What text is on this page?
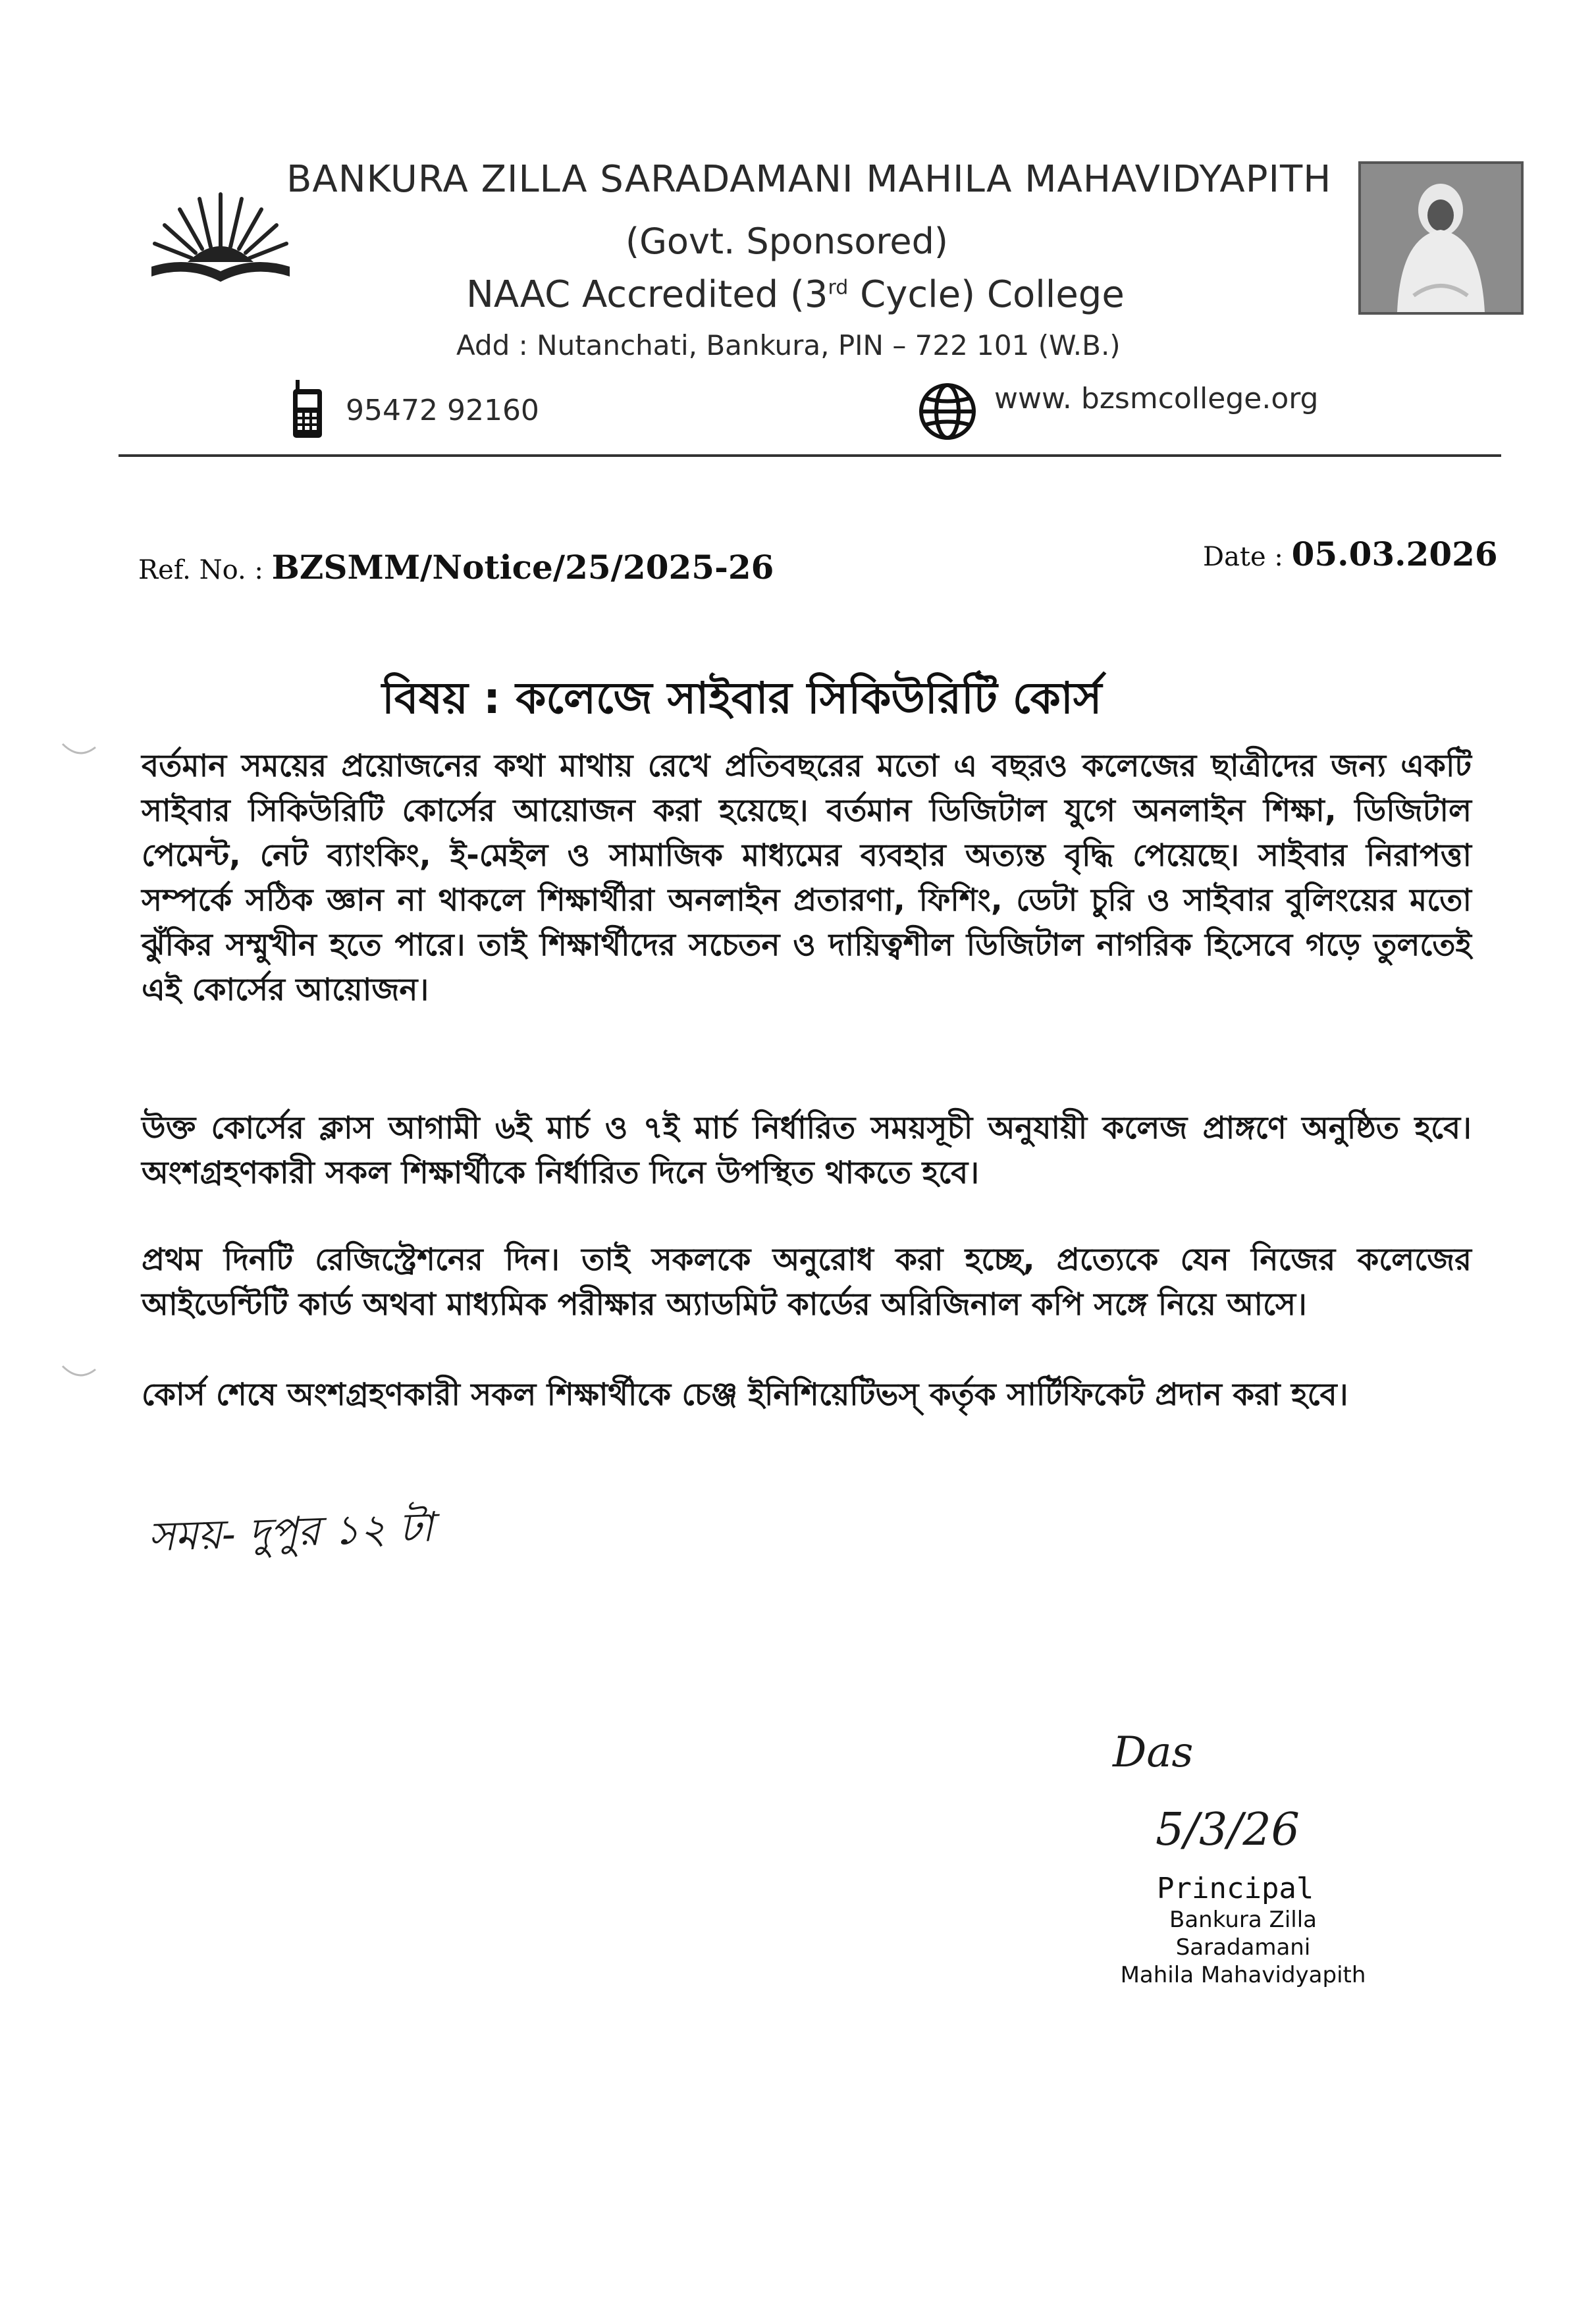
BANKURA ZILLA SARADAMANI MAHILA MAHAVIDYAPITH
(Govt. Sponsored)
NAAC Accredited (3rd Cycle) College
Add : Nutanchati, Bankura, PIN – 722 101 (W.B.)
95472 92160	www. bzsmcollege.org
Ref. No. : BZSMM/Notice/25/2025-26	Date : 05.03.2026
বিষয় : কলেজে সাইবার সিকিউরিটি কোর্স
বর্তমান সময়ের প্রয়োজনের কথা মাথায় রেখে প্রতিবছরের মতো এ বছরও কলেজের ছাত্রীদের জন্য একটি সাইবার সিকিউরিটি কোর্সের আয়োজন করা হয়েছে। বর্তমান ডিজিটাল যুগে অনলাইন শিক্ষা, ডিজিটাল পেমেন্ট, নেট ব্যাংকিং, ই-মেইল ও সামাজিক মাধ্যমের ব্যবহার অত্যন্ত বৃদ্ধি পেয়েছে। সাইবার নিরাপত্তা সম্পর্কে সঠিক জ্ঞান না থাকলে শিক্ষার্থীরা অনলাইন প্রতারণা, ফিশিং, ডেটা চুরি ও সাইবার বুলিংয়ের মতো ঝুঁকির সম্মুখীন হতে পারে। তাই শিক্ষার্থীদের সচেতন ও দায়িত্বশীল ডিজিটাল নাগরিক হিসেবে গড়ে তুলতেই এই কোর্সের আয়োজন।
উক্ত কোর্সের ক্লাস আগামী ৬ই মার্চ ও ৭ই মার্চ নির্ধারিত সময়সূচী অনুযায়ী কলেজ প্রাঙ্গণে অনুষ্ঠিত হবে। অংশগ্রহণকারী সকল শিক্ষার্থীকে নির্ধারিত দিনে উপস্থিত থাকতে হবে।
প্রথম দিনটি রেজিস্ট্রেশনের দিন। তাই সকলকে অনুরোধ করা হচ্ছে, প্রত্যেকে যেন নিজের কলেজের আইডেন্টিটি কার্ড অথবা মাধ্যমিক পরীক্ষার অ্যাডমিট কার্ডের অরিজিনাল কপি সঙ্গে নিয়ে আসে।
কোর্স শেষে অংশগ্রহণকারী সকল শিক্ষার্থীকে চেঞ্জ ইনিশিয়েটিভস্ কর্তৃক সার্টিফিকেট প্রদান করা হবে।
সময়- দুপুর ১২ টা
Das
5/3/26
Principal
Bankura Zilla Saradamani
Mahila Mahavidyapith
